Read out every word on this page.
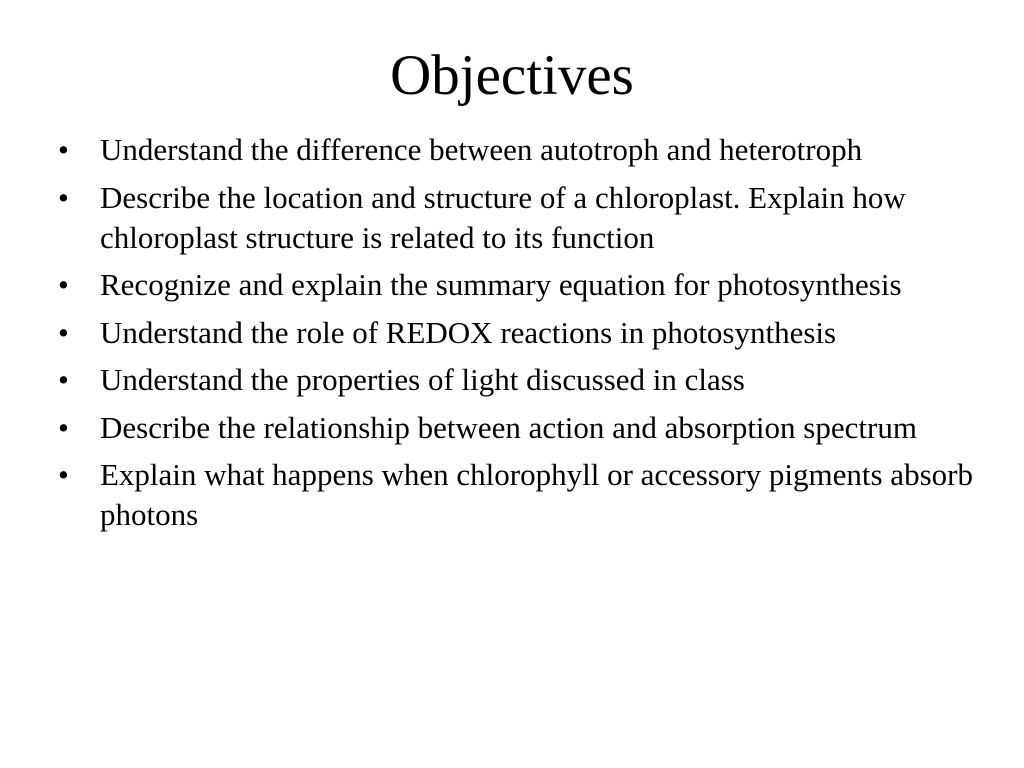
Objectives
•	Understand the difference between autotroph and heterotroph
•	Describe the location and structure of a chloroplast. Explain how chloroplast structure is related to its function
•	Recognize and explain the summary equation for photosynthesis
•	Understand the role of REDOX reactions in photosynthesis
•	Understand the properties of light discussed in class
•	Describe the relationship between action and absorption spectrum
•	Explain what happens when chlorophyll or accessory pigments absorb photons
